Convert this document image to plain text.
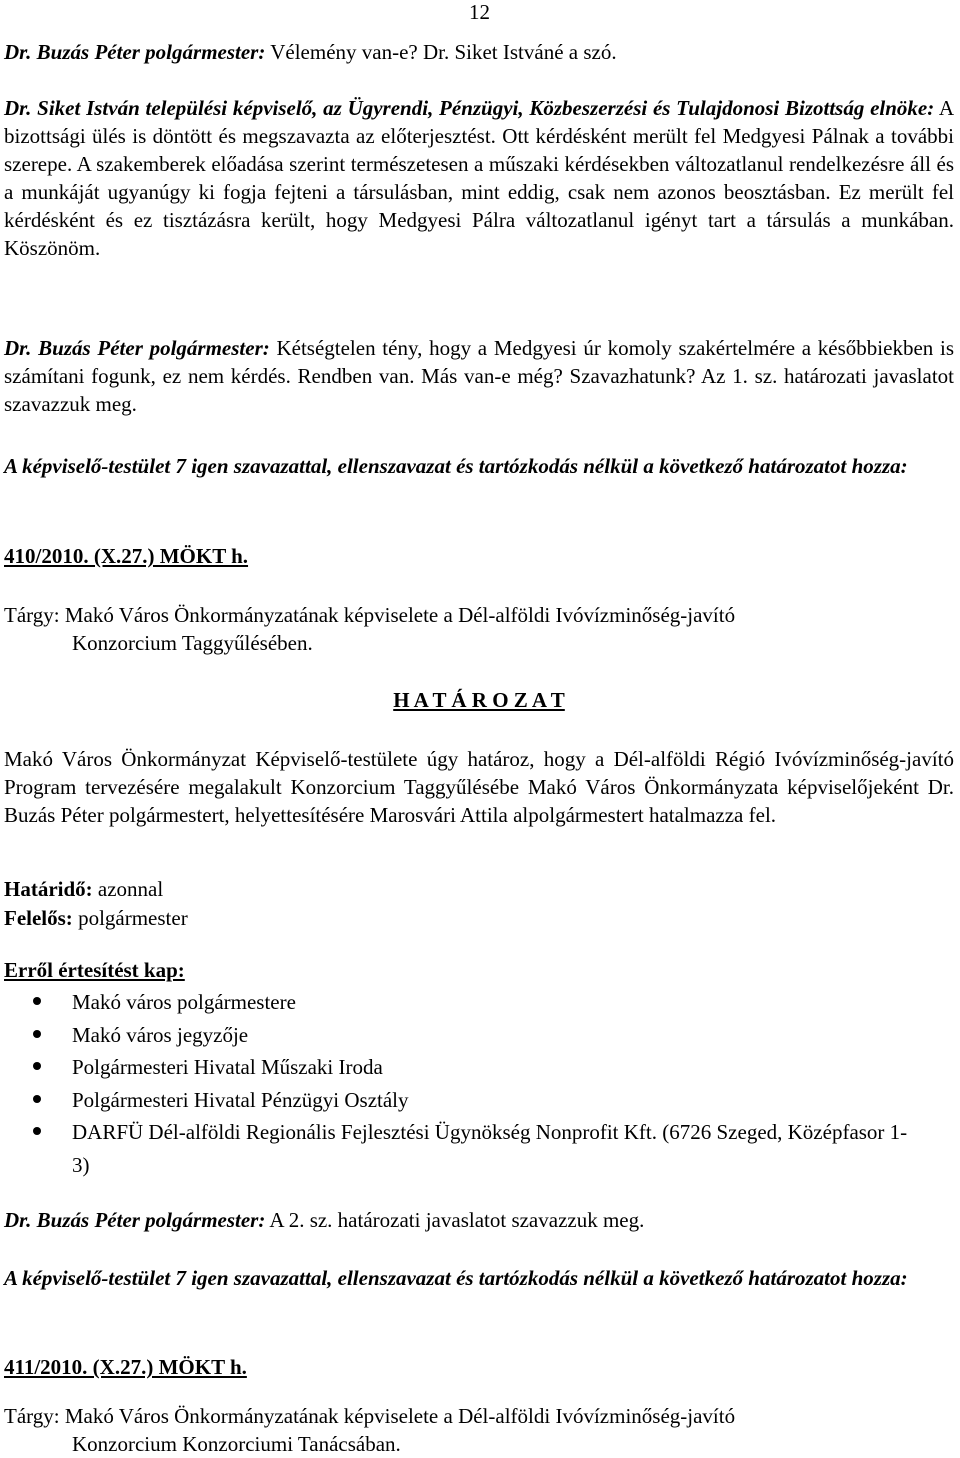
12

Dr. Buzás Péter polgármester: Vélemény van-e? Dr. Siket Istváné a szó.

Dr. Siket István települési képviselő, az Ügyrendi, Pénzügyi, Közbeszerzési és Tulajdonosi Bizottság elnöke: A bizottsági ülés is döntött és megszavazta az előterjesztést. Ott kérdésként merült fel Medgyesi Pálnak a további szerepe. A szakemberek előadása szerint természetesen a műszaki kérdésekben változatlanul rendelkezésre áll és a munkáját ugyanúgy ki fogja fejteni a társulásban, mint eddig, csak nem azonos beosztásban. Ez merült fel kérdésként és ez tisztázásra került, hogy Medgyesi Pálra változatlanul igényt tart a társulás a munkában. Köszönöm.

Dr. Buzás Péter polgármester: Kétségtelen tény, hogy a Medgyesi úr komoly szakértelmére a későbbiekben is számítani fogunk, ez nem kérdés. Rendben van. Más van-e még? Szavazhatunk? Az 1. sz. határozati javaslatot szavazzuk meg.

A képviselő-testület 7 igen szavazattal, ellenszavazat és tartózkodás nélkül a következő határozatot hozza:

410/2010. (X.27.) MÖKT h.

Tárgy: Makó Város Önkormányzatának képviselete a Dél-alföldi Ivóvízminőség-javító

Konzorcium Taggyűlésében.

H A T Á R O Z A T

Makó Város Önkormányzat Képviselő-testülete úgy határoz, hogy a Dél-alföldi Régió Ivóvízminőség-javító Program tervezésére megalakult Konzorcium Taggyűlésébe Makó Város Önkormányzata képviselőjeként Dr. Buzás Péter polgármestert, helyettesítésére Marosvári Attila alpolgármestert hatalmazza fel.

Határidő: azonnal

Felelős: polgármester

Erről értesítést kap:

Makó város polgármestere
Makó város jegyzője
Polgármesteri Hivatal Műszaki Iroda
Polgármesteri Hivatal Pénzügyi Osztály
DARFÜ Dél-alföldi Regionális Fejlesztési Ügynökség Nonprofit Kft. (6726 Szeged, Középfasor 1-3)

Dr. Buzás Péter polgármester: A 2. sz. határozati javaslatot szavazzuk meg.

A képviselő-testület 7 igen szavazattal, ellenszavazat és tartózkodás nélkül a következő határozatot hozza:

411/2010. (X.27.) MÖKT h.

Tárgy: Makó Város Önkormányzatának képviselete a Dél-alföldi Ivóvízminőség-javító

Konzorcium Konzorciumi Tanácsában.
